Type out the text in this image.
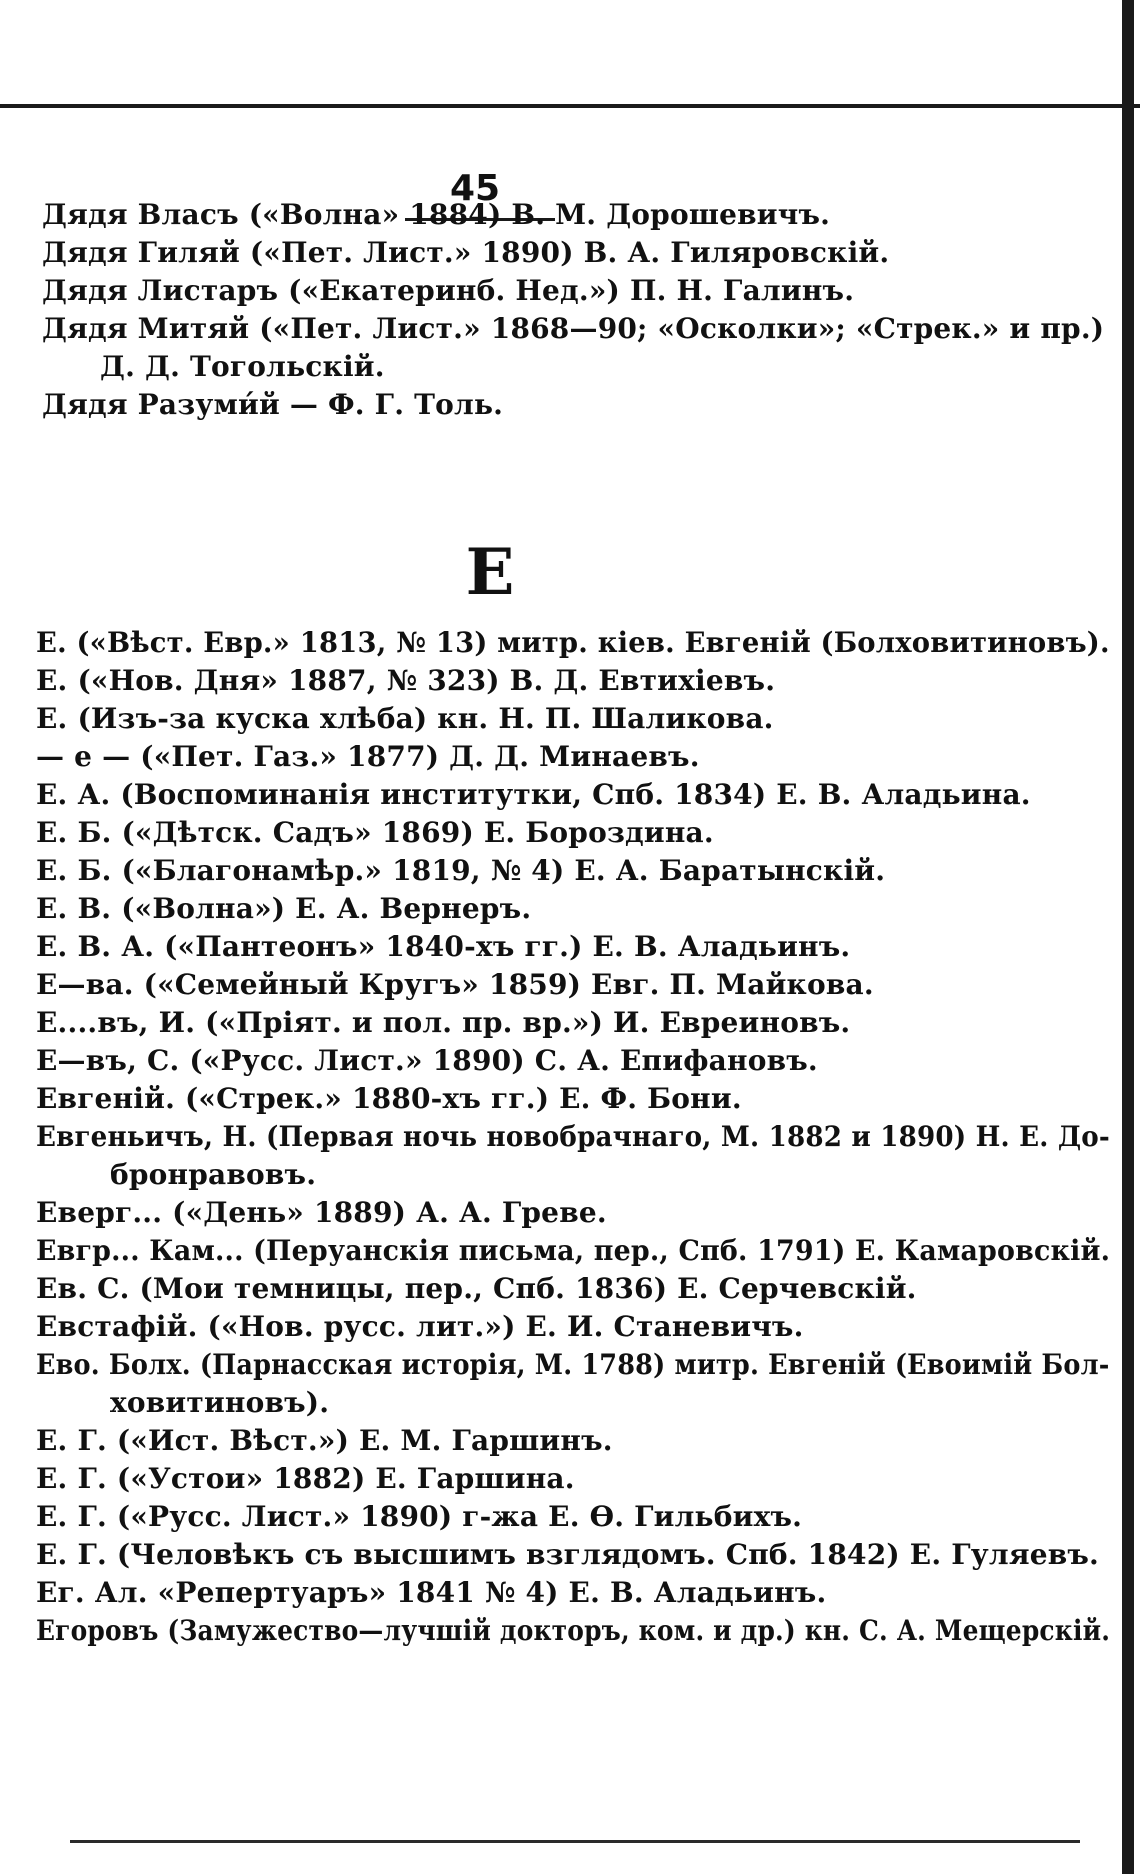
45
Е
Дядя Власъ («Волна» 1884) В. М. Дорошевичъ.
Дядя Гиляй («Пет. Лист.» 1890) В. А. Гиляровскій.
Дядя Листаръ («Екатеринб. Нед.») П. Н. Галинъ.
Дядя Митяй («Пет. Лист.» 1868—90; «Осколки»; «Стрек.» и пр.)
Д. Д. Тогольскій.
Дядя Разуми́й — Ф. Г. Толь.
Е. («Вѣст. Евр.» 1813, № 13) митр. кіев. Евгеній (Болховитиновъ).
Е. («Нов. Дня» 1887, № 323) В. Д. Евтихіевъ.
Е. (Изъ-за куска хлѣба) кн. Н. П. Шаликова.
— е — («Пет. Газ.» 1877) Д. Д. Минаевъ.
Е. А. (Воспоминанія институтки, Спб. 1834) Е. В. Аладьина.
Е. Б. («Дѣтск. Садъ» 1869) Е. Бороздина.
Е. Б. («Благонамѣр.» 1819, № 4) Е. А. Баратынскій.
Е. В. («Волна») Е. А. Вернеръ.
Е. В. А. («Пантеонъ» 1840-хъ гг.) Е. В. Аладьинъ.
Е—ва. («Семейный Кругъ» 1859) Евг. П. Майкова.
Е....въ, И. («Пріят. и пол. пр. вр.») И. Евреиновъ.
Е—въ, С. («Русс. Лист.» 1890) С. А. Епифановъ.
Евгеній. («Стрек.» 1880-хъ гг.) Е. Ф. Бони.
Евгеньичъ, Н. (Первая ночь новобрачнаго, М. 1882 и 1890) Н. Е. До-
бронравовъ.
Еверг... («День» 1889) А. А. Греве.
Евгр... Кам... (Перуанскія письма, пер., Спб. 1791) Е. Камаровскій.
Ев. С. (Мои темницы, пер., Спб. 1836) Е. Серчевскій.
Евстафій. («Нов. русс. лит.») Е. И. Станевичъ.
Ево. Болх. (Парнасская исторія, М. 1788) митр. Евгеній (Евоимій Бол-
ховитиновъ).
Е. Г. («Ист. Вѣст.») Е. М. Гаршинъ.
Е. Г. («Устои» 1882) Е. Гаршина.
Е. Г. («Русс. Лист.» 1890) г-жа Е. Ө. Гильбихъ.
Е. Г. (Человѣкъ съ высшимъ взглядомъ. Спб. 1842) Е. Гуляевъ.
Ег. Ал. «Репертуаръ» 1841 № 4) Е. В. Аладьинъ.
Егоровъ (Замужество—лучшій докторъ, ком. и др.) кн. С. А. Мещерскій.
